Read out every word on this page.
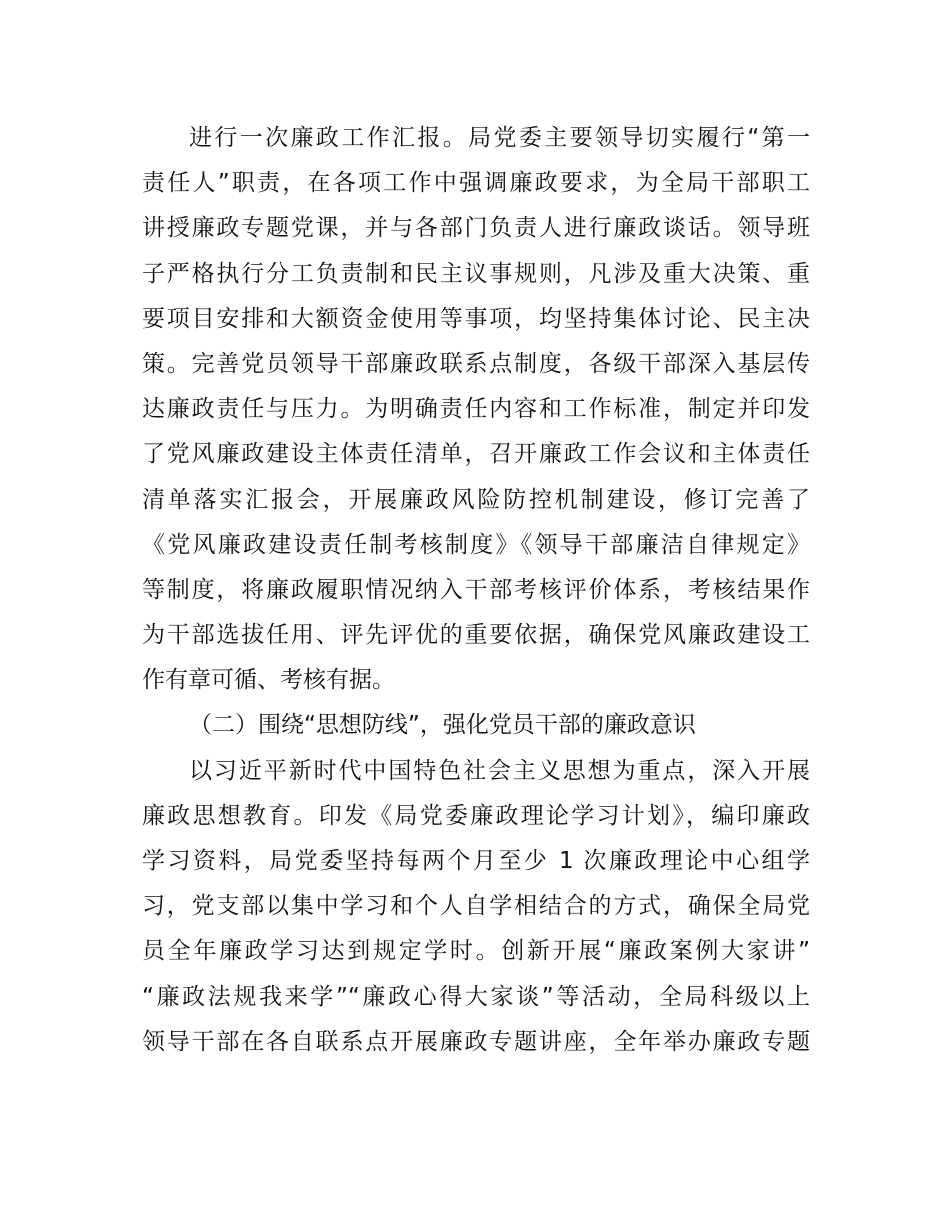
进行一次廉政工作汇报。局党委主要领导切实履行“第一
责任人”职责，在各项工作中强调廉政要求，为全局干部职工
讲授廉政专题党课，并与各部门负责人进行廉政谈话。领导班
子严格执行分工负责制和民主议事规则，凡涉及重大决策、重
要项目安排和大额资金使用等事项，均坚持集体讨论、民主决
策。完善党员领导干部廉政联系点制度，各级干部深入基层传
达廉政责任与压力。为明确责任内容和工作标准，制定并印发
了党风廉政建设主体责任清单，召开廉政工作会议和主体责任
清单落实汇报会，开展廉政风险防控机制建设，修订完善了
《党风廉政建设责任制考核制度》《领导干部廉洁自律规定》
等制度，将廉政履职情况纳入干部考核评价体系，考核结果作
为干部选拔任用、评先评优的重要依据，确保党风廉政建设工
作有章可循、考核有据。
（二）围绕“思想防线”，强化党员干部的廉政意识
以习近平新时代中国特色社会主义思想为重点，深入开展
廉政思想教育。印发《局党委廉政理论学习计划》，编印廉政
学习资料，局党委坚持每两个月至少 1 次廉政理论中心组学
习，党支部以集中学习和个人自学相结合的方式，确保全局党
员全年廉政学习达到规定学时。创新开展“廉政案例大家讲”
“廉政法规我来学”“廉政心得大家谈”等活动，全局科级以上
领导干部在各自联系点开展廉政专题讲座，全年举办廉政专题
